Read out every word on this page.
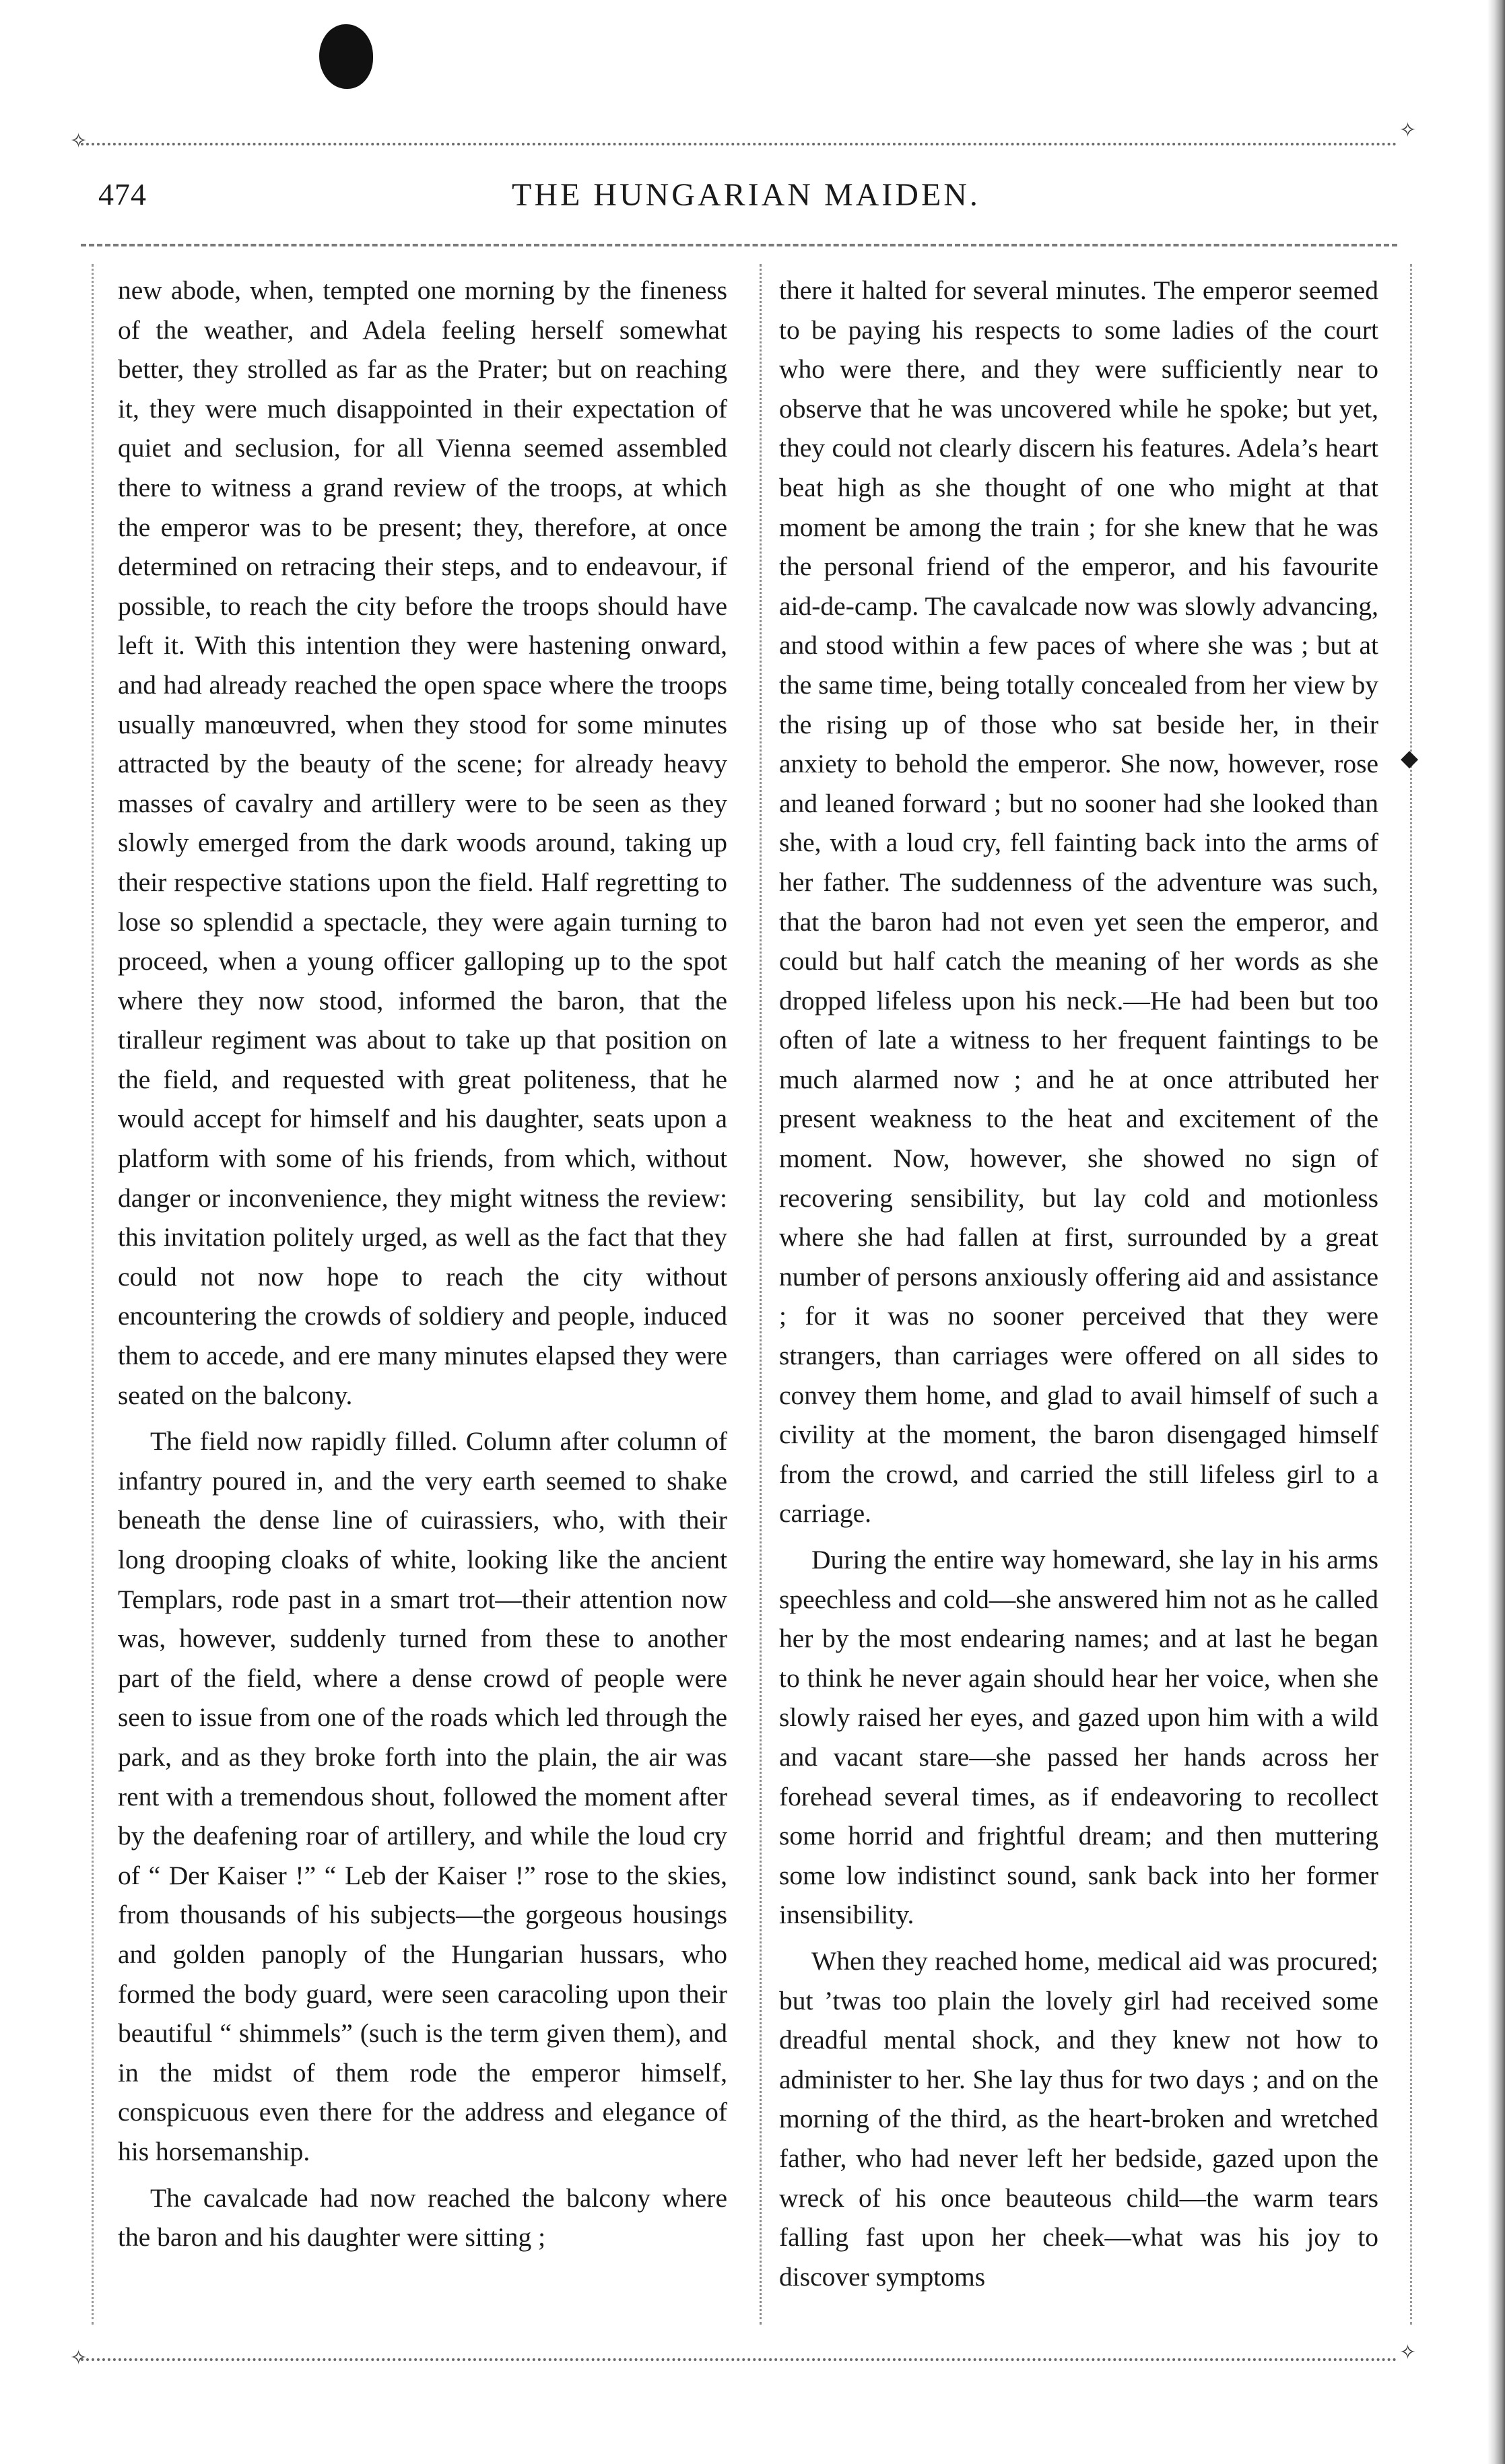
✧	✧
474	THE HUNGARIAN MAIDEN.
◆

new abode, when, tempted one morning by the fineness of the weather, and Adela feeling herself somewhat better, they strolled as far as the Prater; but on reaching it, they were much disappointed in their expectation of quiet and seclusion, for all Vienna seemed assembled there to witness a grand review of the troops, at which the emperor was to be present; they, therefore, at once determined on retracing their steps, and to endeavour, if possible, to reach the city before the troops should have left it. With this intention they were hastening onward, and had already reached the open space where the troops usually manœuvred, when they stood for some minutes attracted by the beauty of the scene; for already heavy masses of cavalry and artillery were to be seen as they slowly emerged from the dark woods around, taking up their respective stations upon the field. Half regretting to lose so splendid a spectacle, they were again turning to proceed, when a young officer galloping up to the spot where they now stood, informed the baron, that the tiralleur regiment was about to take up that position on the field, and requested with great politeness, that he would accept for himself and his daughter, seats upon a platform with some of his friends, from which, without danger or inconvenience, they might witness the review: this invitation politely urged, as well as the fact that they could not now hope to reach the city without encountering the crowds of soldiery and people, induced them to accede, and ere many minutes elapsed they were seated on the balcony.

The field now rapidly filled. Column after column of infantry poured in, and the very earth seemed to shake beneath the dense line of cuirassiers, who, with their long drooping cloaks of white, looking like the ancient Templars, rode past in a smart trot—their attention now was, however, suddenly turned from these to another part of the field, where a dense crowd of people were seen to issue from one of the roads which led through the park, and as they broke forth into the plain, the air was rent with a tremendous shout, followed the moment after by the deafening roar of artillery, and while the loud cry of “ Der Kaiser !” “ Leb der Kaiser !” rose to the skies, from thousands of his subjects—the gorgeous housings and golden panoply of the Hungarian hussars, who formed the body guard, were seen caracoling upon their beautiful “ shimmels” (such is the term given them), and in the midst of them rode the emperor himself, conspicuous even there for the address and elegance of his horsemanship.

The cavalcade had now reached the balcony where the baron and his daughter were sitting ;

there it halted for several minutes. The emperor seemed to be paying his respects to some ladies of the court who were there, and they were sufficiently near to observe that he was uncovered while he spoke; but yet, they could not clearly discern his features. Adela’s heart beat high as she thought of one who might at that moment be among the train ; for she knew that he was the personal friend of the emperor, and his favourite aid-de-camp. The cavalcade now was slowly advancing, and stood within a few paces of where she was ; but at the same time, being totally concealed from her view by the rising up of those who sat beside her, in their anxiety to behold the emperor. She now, however, rose and leaned forward ; but no sooner had she looked than she, with a loud cry, fell fainting back into the arms of her father. The suddenness of the adventure was such, that the baron had not even yet seen the emperor, and could but half catch the meaning of her words as she dropped lifeless upon his neck.—He had been but too often of late a witness to her frequent faintings to be much alarmed now ; and he at once attributed her present weakness to the heat and excitement of the moment. Now, however, she showed no sign of recovering sensibility, but lay cold and motionless where she had fallen at first, surrounded by a great number of persons anxiously offering aid and assistance ; for it was no sooner perceived that they were strangers, than carriages were offered on all sides to convey them home, and glad to avail himself of such a civility at the moment, the baron disengaged himself from the crowd, and carried the still lifeless girl to a carriage.

During the entire way homeward, she lay in his arms speechless and cold—she answered him not as he called her by the most endearing names; and at last he began to think he never again should hear her voice, when she slowly raised her eyes, and gazed upon him with a wild and vacant stare—she passed her hands across her forehead several times, as if endeavoring to recollect some horrid and frightful dream; and then muttering some low indistinct sound, sank back into her former insensibility.

When they reached home, medical aid was procured; but ’twas too plain the lovely girl had received some dreadful mental shock, and they knew not how to administer to her. She lay thus for two days ; and on the morning of the third, as the heart-broken and wretched father, who had never left her bedside, gazed upon the wreck of his once beauteous child—the warm tears falling fast upon her cheek—what was his joy to discover symptoms

✧	✧
